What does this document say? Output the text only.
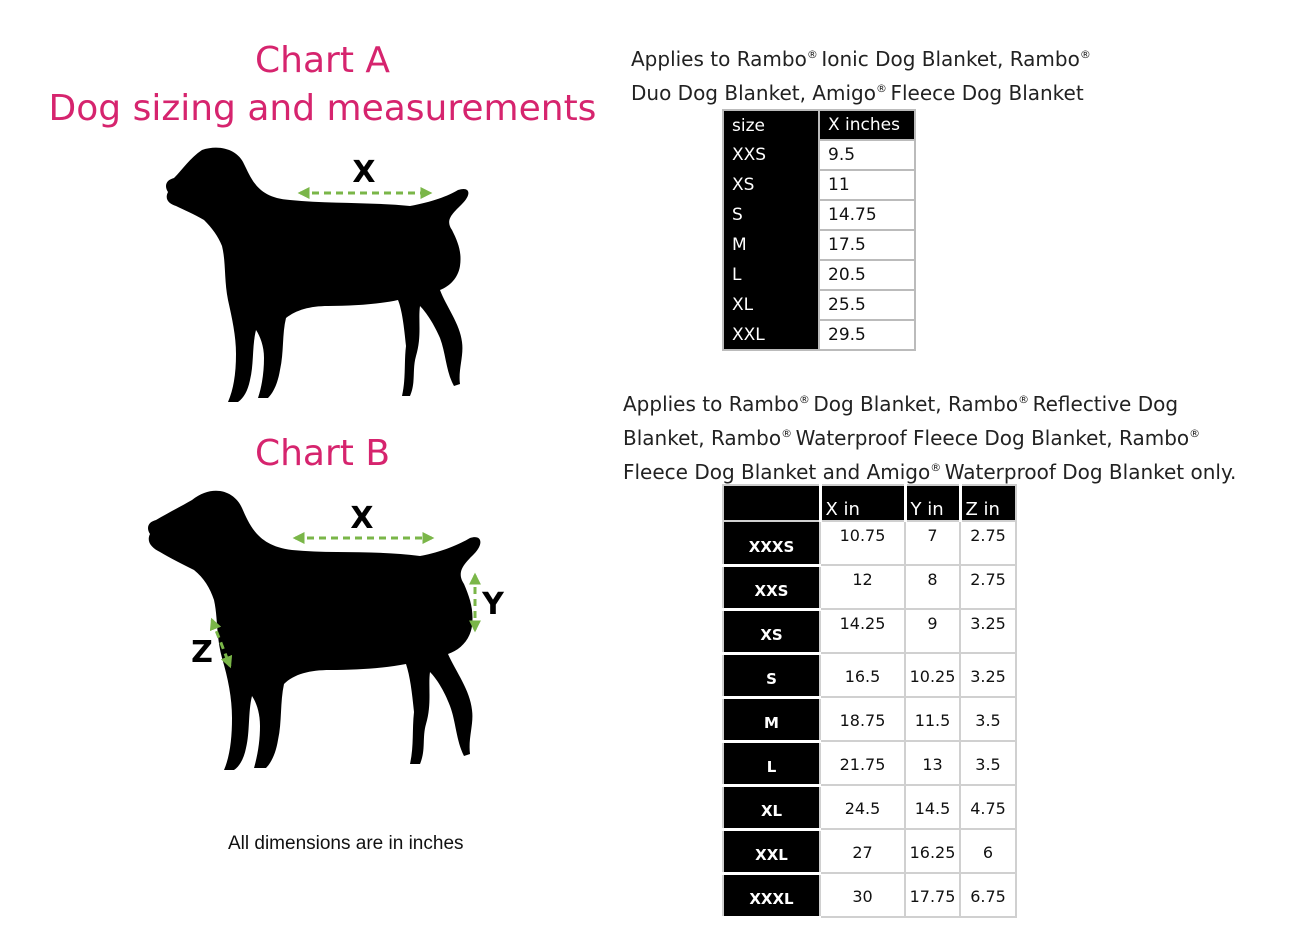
Chart A
Dog sizing and measurements
X
Chart B
X
Y
Z
All dimensions are in inches
Applies to Rambo® Ionic Dog Blanket, Rambo®
Duo Dog Blanket, Amigo® Fleece Dog Blanket
size	X inches
XXS	9.5
XS	11
S	14.75
M	17.5
L	20.5
XL	25.5
XXL	29.5
Applies to Rambo® Dog Blanket, Rambo® Reflective Dog
Blanket, Rambo® Waterproof Fleece Dog Blanket, Rambo®
Fleece Dog Blanket and Amigo® Waterproof Dog Blanket only.
	X in	Y in	Z in
XXXS	10.75	7	2.75
XXS	12	8	2.75
XS	14.25	9	3.25
S	16.5	10.25	3.25
M	18.75	11.5	3.5
L	21.75	13	3.5
XL	24.5	14.5	4.75
XXL	27	16.25	6
XXXL	30	17.75	6.75
